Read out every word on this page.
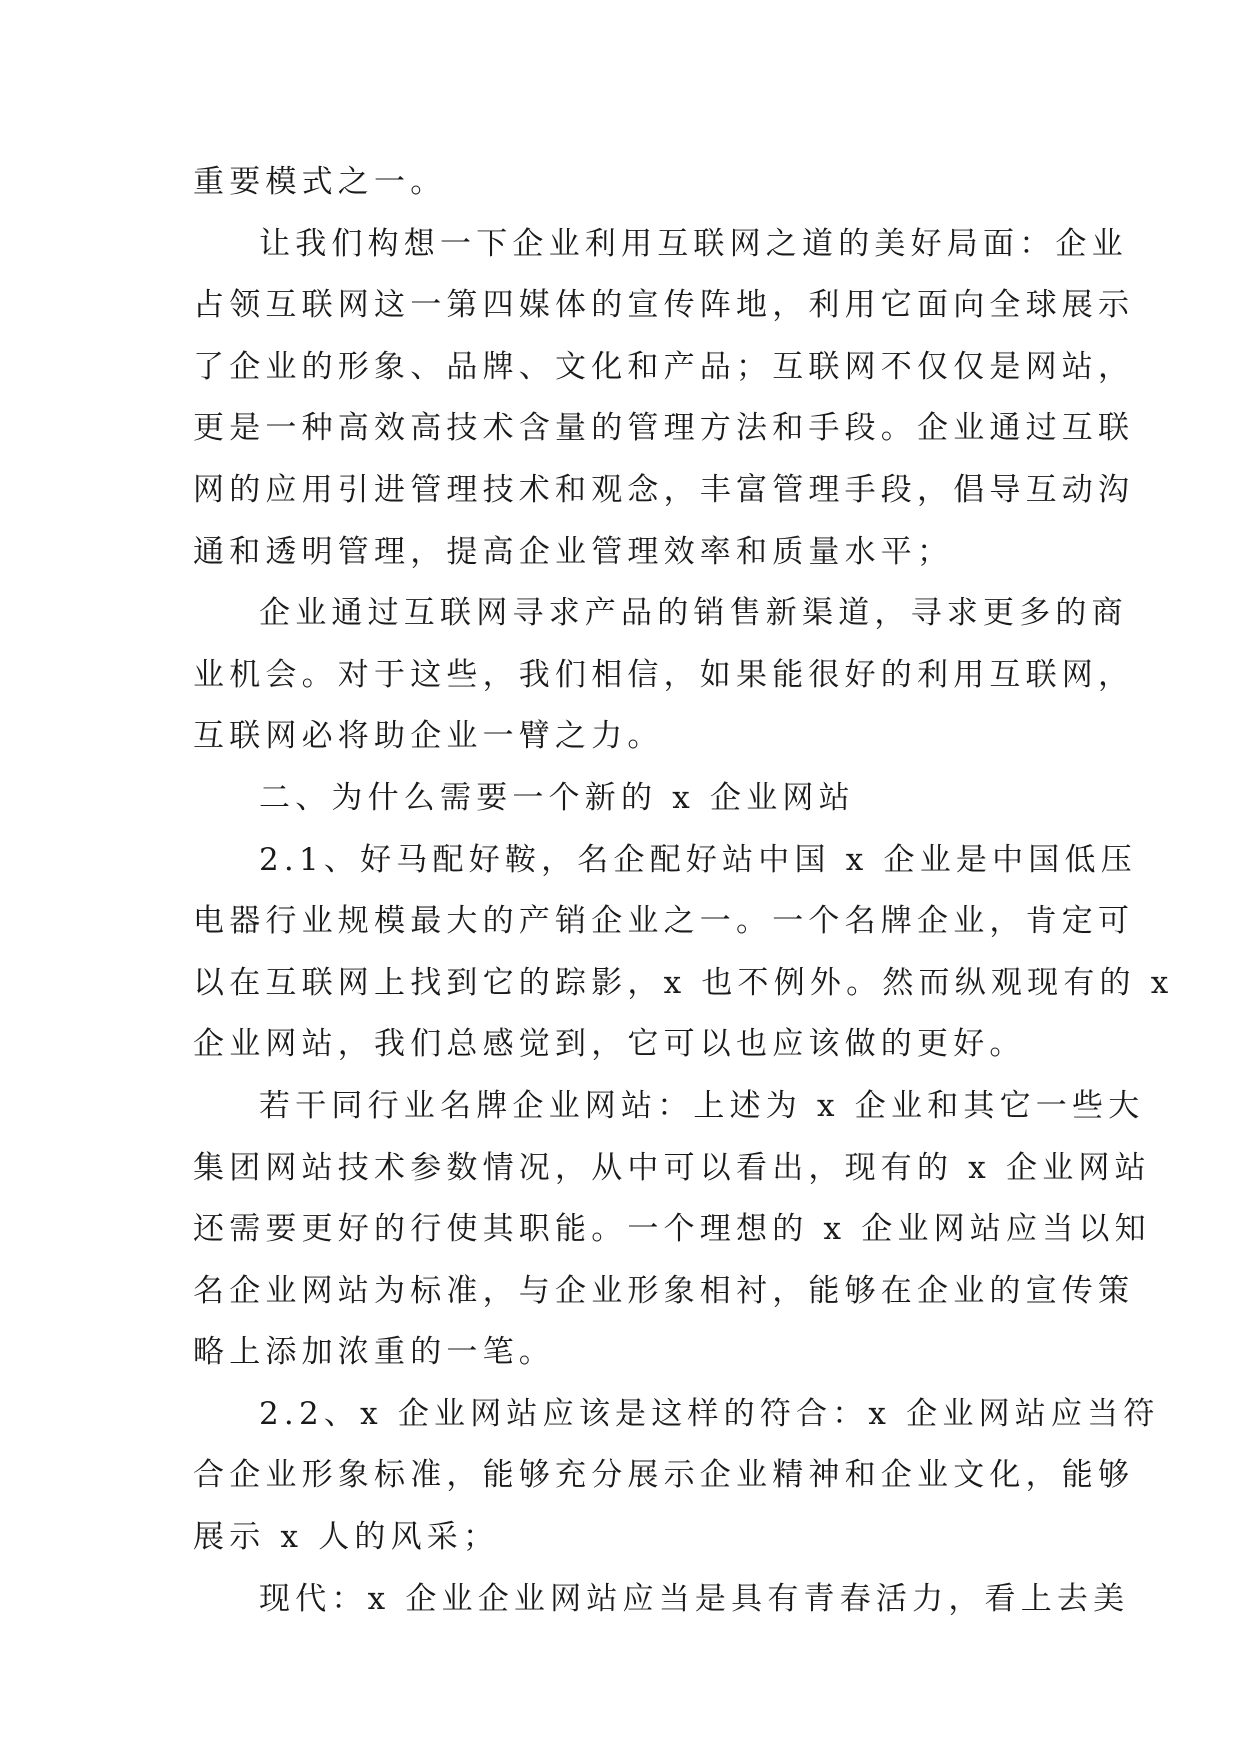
重要模式之一。
让我们构想一下企业利用互联网之道的美好局面：企业
占领互联网这一第四媒体的宣传阵地，利用它面向全球展示
了企业的形象、品牌、文化和产品；互联网不仅仅是网站，
更是一种高效高技术含量的管理方法和手段。企业通过互联
网的应用引进管理技术和观念，丰富管理手段，倡导互动沟
通和透明管理，提高企业管理效率和质量水平；
企业通过互联网寻求产品的销售新渠道，寻求更多的商
业机会。对于这些，我们相信，如果能很好的利用互联网，
互联网必将助企业一臂之力。
二、为什么需要一个新的 x 企业网站
2.1、好马配好鞍，名企配好站中国 x 企业是中国低压
电器行业规模最大的产销企业之一。一个名牌企业，肯定可
以在互联网上找到它的踪影，x 也不例外。然而纵观现有的 x
企业网站，我们总感觉到，它可以也应该做的更好。
若干同行业名牌企业网站：上述为 x 企业和其它一些大
集团网站技术参数情况，从中可以看出，现有的 x 企业网站
还需要更好的行使其职能。一个理想的 x 企业网站应当以知
名企业网站为标准，与企业形象相衬，能够在企业的宣传策
略上添加浓重的一笔。
2.2、x 企业网站应该是这样的符合：x 企业网站应当符
合企业形象标准，能够充分展示企业精神和企业文化，能够
展示 x 人的风采；
现代：x 企业企业网站应当是具有青春活力，看上去美
